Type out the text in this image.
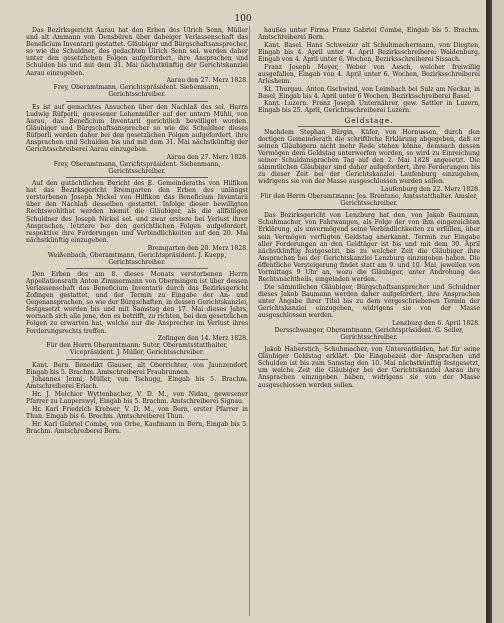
100
Das Bezirksgericht Aarau hat den Erben des Ulrich Senn, Müller und alt Ammann von Densbüren über dabeiger Verlassenschaft das Beneficium Inventarii gestattet. Gläubiger und Bürgschaftsansprecher, so wie die Schuldner, des gedachten Ulrich Senn sel. werden daher unter den gesetzlichen Folgen aufgefordert, ihre Ansprachen und Schulden bis und mit dem 31. Mai nächstkünftig der Gerichtskanzlei Aarau einzugeben.
Aarau den 27. Merz 1828.
Frey, Oberamtmann, Gerichtspräsident. Siebenmann, Gerichtsschreiber.
Es ist auf gemachtes Ansuchen über den Nachlaß des sel. Herrn Ludwig Rüfperli, gewesener Lehenmüller auf der untern Mühli, von Aarau, das Beneficium Inventarii gerichtlich bewilliget worden. Gläubiger und Bürgschaftsansprecher so wie die Schuldner dieses Rüfperli werden daher bei den gesetzlichen Folgen aufgefordert, ihre Ansprachen und Schulden bis und mit dem 31. Mai nächstkünftig der Gerichtsschreiberei Aarau einzugeben.
Aarau den 27. Merz 1828.
Frey, Oberamtmann, Gerichtspräsident. Siebenmann, Gerichtsschreiber.
Auf den gutächtlichen Bericht des E. Gemeinderaths von Hilfikon hat das Bezirksgericht Bremgarten den Erben des unlängst verstorbenen Joseph Nickel von Hilfikon das Beneficium Inventarii über den Nachlaß desselben gestattet. Infolge dieser bewilligten Rechtswohlthat werden hiemit die Gläubiger, als die allfälligen Schuldner des Joseph Nickel sel. und zwar erstere bei Verlust ihrer Ansprachen, letztere bei den gerichtlichen Folgen aufgefordert, respektive ihre Forderungen und Verbindlichkeiten auf den 20. Mai nächstkünftig einzugeben.
Bremgarten den 20. Merz 1828.
Weißenbach, Oberamtmann, Gerichtspräsident. J. Kuepp, Gerichtsschreiber.
Den Erben des am 8. dieses Monats verstorbenen Herrn Appellationsrath Anton Zimmermann von Obermingen ist über dessen Verlassenschaft das Beneficium Inventarii durch das Bezirksgericht Zofingen gestattet, und der Termin zu Eingabe der An- und Gegenansprachen, so wie der Bürgschaften, in dessen Gerichtskanzlei, festgesetzt worden bis und mit Samstag den 17. Mai dieses Jahrs, wornach sich alle jene, den es betrifft, zu richten, bei den gesetzlichen Folgen zu erwarten hat, welche nur die Ansprecher im Verlust ihres Forderungsrechts treffen.
Zofingen den 14. Merz 1828.
Für den Herrn Oberamtmann: Suter, Oberamtsstatthalter, Vicepräsident. J. Müller, Gerichtsschreiber.
Kant. Bern. Benedikt Glauser, alt Oberrichter, von Jaunzendorf, Eingab bis 5. Brachm. Amtschreiberei Fraubrunnen.
Johannes Jenni, Müller, von Tschugg, Eingab bis 5. Brachm. Amtschreiberei Erlach.
Hr. J. Melchior Wyttenbacher, V. D. M., von Nidau, gewesener Pfarrer zu Lauperswyl, Eingab bis 5. Brachm. Amtschreiberei Signau.
Hr. Karl Friedrich Krebser, V. D. M., von Bern, erster Pfarrer in Thun. Eingab bis 6. Brachm. Amtschreiberei Thun.
Hr. Karl Gabriel Combe, von Orbe, Kaufmann in Bern, Eingab bis 5. Brachm. Amtschreiberei Bern.
haußes unter Firma Franz Gabriel Combe, Eingab bis 5. Brachm. Amtschreiberei Bern.
Kant. Basel. Hans Schweizer alt Schuhmachermann, von Diegten, Eingab bis 4. April unter 4. April Bezirksschreiberei Waldenburg. Eingab von 4. April unter 6. Wochen, Bezirksschreiberei Sissach.
Franz Joseph Meyer, Weber von Aesch, welcher freiwillig ausgefallen, Eingab von 4. April unter 6. Wochen, Bezirksschreiberei Arlesheim.
Kt. Thurgau. Anton Gschwind, von Leimbach bei Sulz am Neckar, in Basel, Eingab bis 4. April unter 6 Wochen, Bezirksschreiberei Basel.
Kant. Luzern. Franz Joseph Unternährer, gew. Sattler in Luzern, Eingab bis 25. April, Gerichtsschreiberei Luzern.
Geldstage.
Nachdem Stephan Bürgin, Küfer, von Hornussen, durch den dortigen Gemeinderath die schriftliche Erklärung abgegeben, daß er seinen Gläubigern nicht mehr Rede stehen könne, demnach dessen Vermögen dem Geldstag unterworfen worden, so wird zu Einreichung seiner Schuldansprachen Tag auf den 2. Mai 1828 angesetzt. Die sämmtlichen Gläubiger sind daher aufgefordert, ihre Forderungen bis zu dieser Zeit bei der Gerichtskanzlei Laufenburg einzugeben, widrigens sie von der Masse ausgeschlossen werden sollen.
Laufenburg den 22. Merz 1828.
Für den Herrn Oberamtmann: Jos. Brentano, Amtsstatthalter. Amsler, Gerichtsschreiber.
Das Bezirksgericht von Lenzburg hat den, von Jakob Baumann, Schuhmacher, von Fahrwangen, als Folge der von ihm eingereichten Erklärung, als unvermögend seine Verbindlichkeiten zu erfüllen, über sein Vermögen verfügten Geldstag anerkannt. Termin zur Eingabe aller Forderungen an den Geldtäger ist bis und mit dem 30. April nächstkünftig festgesetzt, bis zu welcher Zeit die Gläubiger ihre Ansprachen bei der Gerichtskanzlei Lenzburg einzugeben haben. Die öffentliche Versteigerung findet statt am 9. und 10. Mai, jeweilen von Vormittags 9 Uhr an, wozu die Gläubiger, unter Androhung des Rechtsnachtheils, eingeladen werden.
Die sämmtlichen Gläubiger, Bürgschaftsansprecher und Schuldner dieses Jakob Baumann werden daher aufgefordert, ihre Ansprachen unter Angabe ihrer Titel bis zu dem vorgeschriebenen Termin der Gerichtskanzlei einzugeben, widrigens sie von der Masse ausgeschlossen werden.
Lenzburg den 6. April 1828.
Dersschwanger, Oberamtmann, Gerichtspräsident. G. Seiler, Gerichtsschreiber.
Jakob Haberstich, Schuhmacher, von Unterentfelden, hat für seine Gläubiger Geldstag erklärt. Die Eingabezeit der Ansprachen und Schulden ist bis zum Samstag den 10. Mai nächstkünftig festgesetzt, um welche Zeit die Gläubiger bei der Gerichtskanzlei Aarau ihre Ansprachen einzugeben haben, widrigens sie von der Masse ausgeschlossen werden sollen.
